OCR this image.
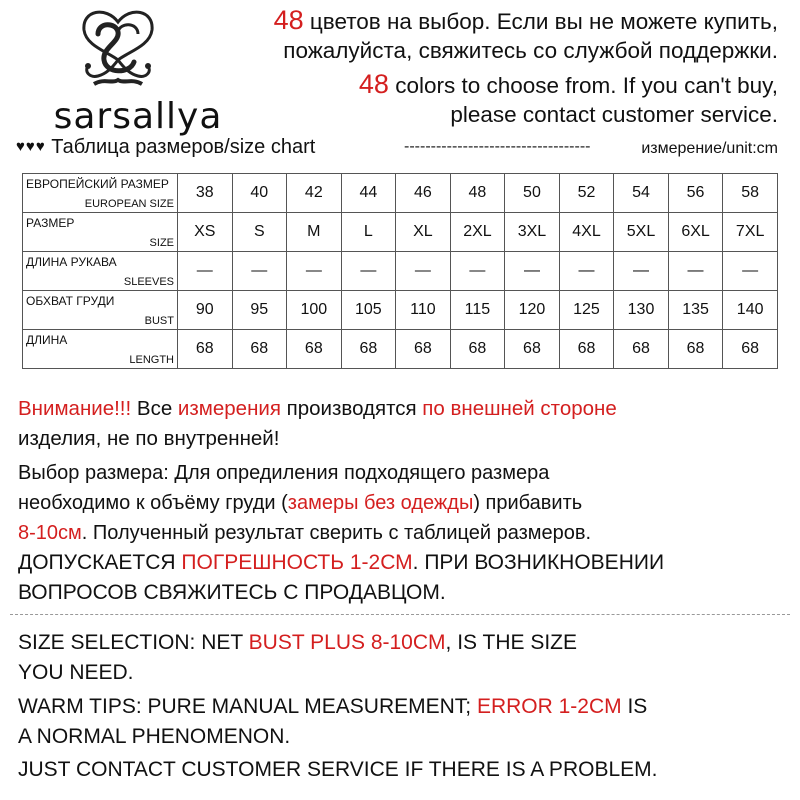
sarsallya
48 цветов на выбор. Если вы не можете купить,
пожалуйста, свяжитесь со службой поддержки.
48 colors to choose from. If you can't buy,
please contact customer service.
♥♥♥ Таблица размеров/size chart	-----------------------------------	измерение/unit:cm
ЕВРОПЕЙСКИЙ РАЗМЕР
EUROPEAN SIZE	38	40	42	44	46	48	50	52	54	56	58

РАЗМЕР
SIZE	XS	S	M	L	XL	2XL	3XL	4XL	5XL	6XL	7XL

ДЛИНА РУКАВА
SLEEVES	—	—	—	—	—	—	—	—	—	—	—

ОБХВАТ ГРУДИ
BUST	90	95	100	105	110	115	120	125	130	135	140

ДЛИНА
LENGTH	68	68	68	68	68	68	68	68	68	68	68
Внимание!!! Все измерения производятся по внешней стороне
изделия, не по внутренней!
Выбор размера: Для опредиления подходящего размера
необходимо к объёму груди (замеры без одежды) прибавить
8-10см. Полученный результат сверить с таблицей размеров.
ДОПУСКАЕТСЯ ПОГРЕШНОСТЬ 1-2СМ. ПРИ ВОЗНИКНОВЕНИИ
ВОПРОСОВ СВЯЖИТЕСЬ С ПРОДАВЦОМ.
SIZE SELECTION: NET BUST PLUS 8-10CM, IS THE SIZE
YOU NEED.
WARM TIPS: PURE MANUAL MEASUREMENT; ERROR 1-2CM IS
A NORMAL PHENOMENON.
JUST CONTACT CUSTOMER SERVICE IF THERE IS A PROBLEM.
